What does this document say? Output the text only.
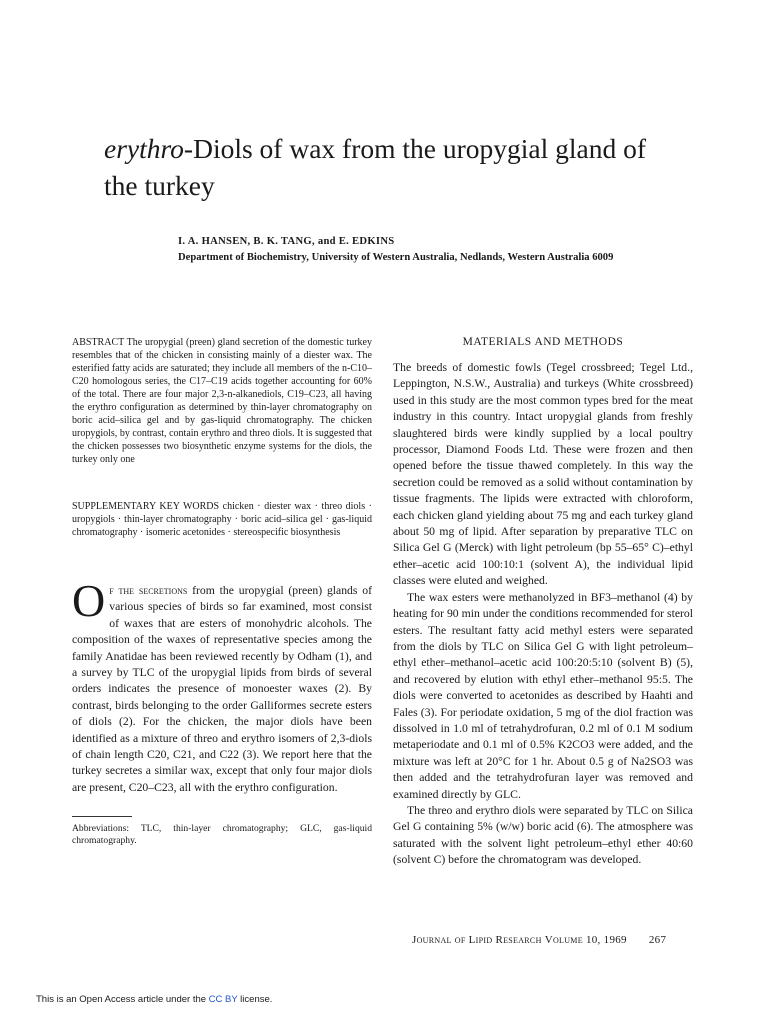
erythro-Diols of wax from the uropygial gland of the turkey
I. A. HANSEN, B. K. TANG, and E. EDKINS
Department of Biochemistry, University of Western Australia, Nedlands, Western Australia 6009

ABSTRACT The uropygial (preen) gland secretion of the domestic turkey resembles that of the chicken in consisting mainly of a diester wax. The esterified fatty acids are saturated; they include all members of the n-C10–C20 homologous series, the C17–C19 acids together accounting for 60% of the total. There are four major 2,3-n-alkanediols, C19–C23, all having the erythro configuration as determined by thin-layer chromatography on boric acid–silica gel and by gas-liquid chromatography. The chicken uropygiols, by contrast, contain erythro and threo diols. It is suggested that the chicken possesses two biosynthetic enzyme systems for the diols, the turkey only one

SUPPLEMENTARY KEY WORDS chicken · diester wax · threo diols · uropygiols · thin-layer chromatography · boric acid–silica gel · gas-liquid chromatography · isomeric acetonides · stereospecific biosynthesis

Of the secretions from the uropygial (preen) glands of various species of birds so far examined, most consist of waxes that are esters of monohydric alcohols. The composition of the waxes of representative species among the family Anatidae has been reviewed recently by Odham (1), and a survey by TLC of the uropygial lipids from birds of several orders indicates the presence of monoester waxes (2). By contrast, birds belonging to the order Galliformes secrete esters of diols (2). For the chicken, the major diols have been identified as a mixture of threo and erythro isomers of 2,3-diols of chain length C20, C21, and C22 (3). We report here that the turkey secretes a similar wax, except that only four major diols are present, C20–C23, all with the erythro configuration.

Abbreviations: TLC, thin-layer chromatography; GLC, gas-liquid chromatography.

MATERIALS AND METHODS

The breeds of domestic fowls (Tegel crossbreed; Tegel Ltd., Leppington, N.S.W., Australia) and turkeys (White crossbreed) used in this study are the most common types bred for the meat industry in this country. Intact uropygial glands from freshly slaughtered birds were kindly supplied by a local poultry processor, Diamond Foods Ltd. These were frozen and then opened before the tissue thawed completely. In this way the secretion could be removed as a solid without contamination by tissue fragments. The lipids were extracted with chloroform, each chicken gland yielding about 75 mg and each turkey gland about 50 mg of lipid. After separation by preparative TLC on Silica Gel G (Merck) with light petroleum (bp 55–65° C)–ethyl ether–acetic acid 100:10:1 (solvent A), the individual lipid classes were eluted and weighed.

The wax esters were methanolyzed in BF3–methanol (4) by heating for 90 min under the conditions recommended for sterol esters. The resultant fatty acid methyl esters were separated from the diols by TLC on Silica Gel G with light petroleum–ethyl ether–methanol–acetic acid 100:20:5:10 (solvent B) (5), and recovered by elution with ethyl ether–methanol 95:5. The diols were converted to acetonides as described by Haahti and Fales (3). For periodate oxidation, 5 mg of the diol fraction was dissolved in 1.0 ml of tetrahydrofuran, 0.2 ml of 0.1 M sodium metaperiodate and 0.1 ml of 0.5% K2CO3 were added, and the mixture was left at 20°C for 1 hr. About 0.5 g of Na2SO3 was then added and the tetrahydrofuran layer was removed and examined directly by GLC.

The threo and erythro diols were separated by TLC on Silica Gel G containing 5% (w/w) boric acid (6). The atmosphere was saturated with the solvent light petroleum–ethyl ether 40:60 (solvent C) before the chromatogram was developed.

Journal of Lipid Research Volume 10, 1969 267
This is an Open Access article under the CC BY license.
